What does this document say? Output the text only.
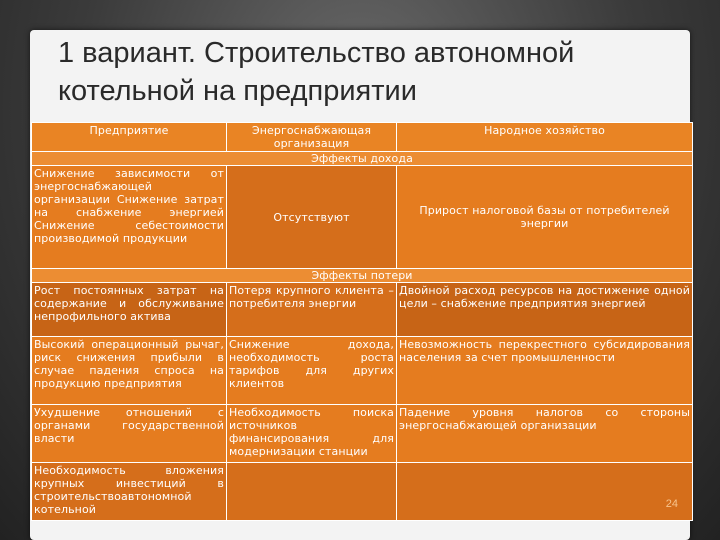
1 вариант. Строительство автономной
котельной на предприятии
Предприятие	Энергоснабжающая организация	Народное хозяйство
Эффекты дохода		
Снижение зависимости от энергоснабжающей организации Снижение затрат на снабжение энергией Снижение себестоимости производимой продукции	Отсутствуют	Прирост налоговой базы от потребителей энергии
Эффекты потери		
Рост постоянных затрат на содержание и обслуживание непрофильного актива	Потеря крупного клиента – потребителя энергии	Двойной расход ресурсов на достижение одной цели – снабжение предприятия энергией
Высокий операционный рычаг, риск снижения прибыли в случае падения спроса на продукцию предприятия	Снижение дохода, необходимость роста тарифов для других клиентов	Невозможность перекрестного субсидирования населения за счет промышленности
Ухудшение отношений с органами государственной власти	Необходимость поиска источников финансирования для модернизации станции	Падение уровня налогов со стороны энергоснабжающей организации
Необходимость вложения крупных инвестиций в строительствоавтономной котельной			24
